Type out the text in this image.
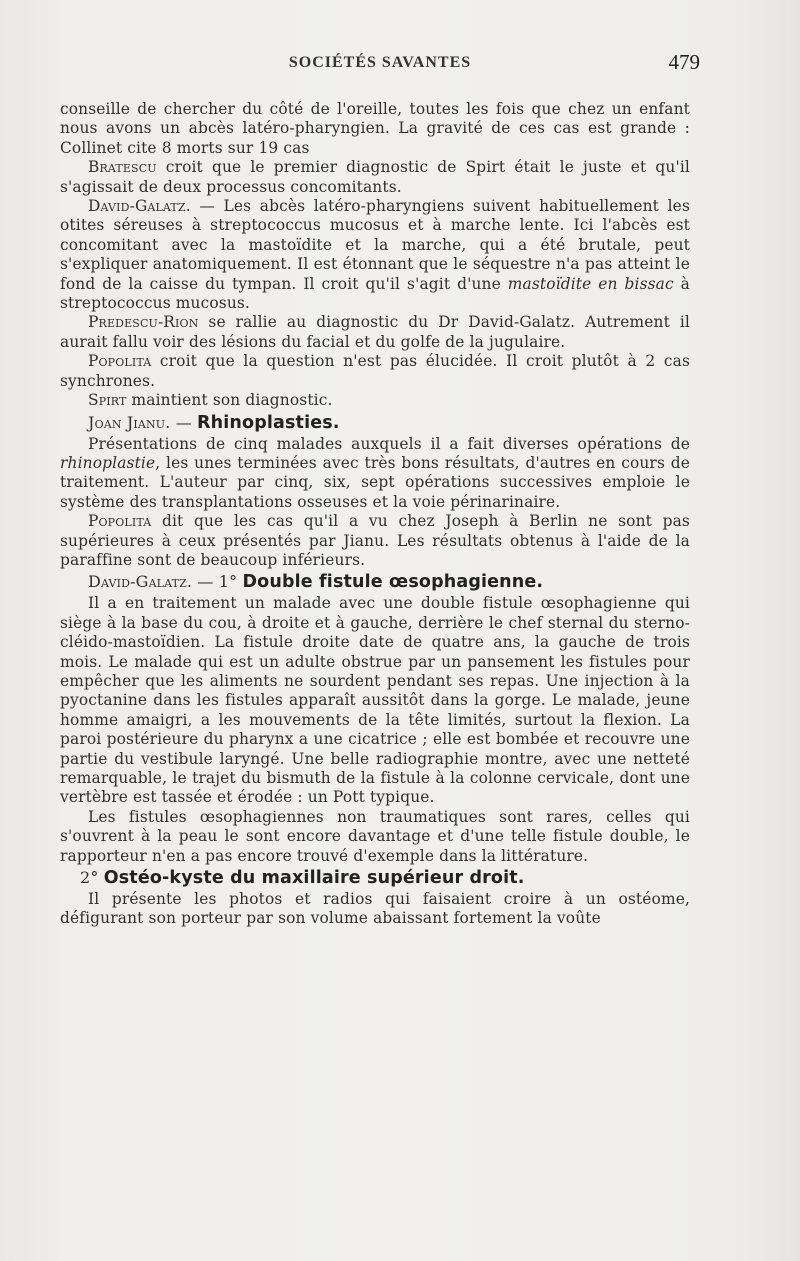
SOCIÉTÉS SAVANTES	479

conseille de chercher du côté de l'oreille, toutes les fois que chez un enfant nous avons un abcès latéro-pharyngien. La gravité de ces cas est grande : Collinet cite 8 morts sur 19 cas

Bratescu croit que le premier diagnostic de Spirt était le juste et qu'il s'agissait de deux processus concomitants.

David-Galatz. — Les abcès latéro-pharyngiens suivent habituellement les otites séreuses à streptococcus mucosus et à marche lente. Ici l'abcès est concomitant avec la mastoïdite et la marche, qui a été brutale, peut s'expliquer anatomiquement. Il est étonnant que le séquestre n'a pas atteint le fond de la caisse du tympan. Il croit qu'il s'agit d'une mastoïdite en bissac à streptococcus mucosus.

Predescu-Rion se rallie au diagnostic du Dr David-Galatz. Autrement il aurait fallu voir des lésions du facial et du golfe de la jugulaire.

Popolita croit que la question n'est pas élucidée. Il croit plutôt à 2 cas synchrones.

Spirt maintient son diagnostic.

Joan Jianu. — Rhinoplasties.

Présentations de cinq malades auxquels il a fait diverses opérations de rhinoplastie, les unes terminées avec très bons résultats, d'autres en cours de traitement. L'auteur par cinq, six, sept opérations successives emploie le système des transplantations osseuses et la voie périnarinaire.

Popolita dit que les cas qu'il a vu chez Joseph à Berlin ne sont pas supérieures à ceux présentés par Jianu. Les résultats obtenus à l'aide de la paraffine sont de beaucoup inférieurs.

David-Galatz. — 1° Double fistule œsophagienne.

Il a en traitement un malade avec une double fistule œsophagienne qui siège à la base du cou, à droite et à gauche, derrière le chef sternal du sterno-cléido-mastoïdien. La fistule droite date de quatre ans, la gauche de trois mois. Le malade qui est un adulte obstrue par un pansement les fistules pour empêcher que les aliments ne sourdent pendant ses repas. Une injection à la pyoctanine dans les fistules apparaît aussitôt dans la gorge. Le malade, jeune homme amaigri, a les mouvements de la tête limités, surtout la flexion. La paroi postérieure du pharynx a une cicatrice ; elle est bombée et recouvre une partie du vestibule laryngé. Une belle radiographie montre, avec une netteté remarquable, le trajet du bismuth de la fistule à la colonne cervicale, dont une vertèbre est tassée et érodée : un Pott typique.

Les fistules œsophagiennes non traumatiques sont rares, celles qui s'ouvrent à la peau le sont encore davantage et d'une telle fistule double, le rapporteur n'en a pas encore trouvé d'exemple dans la littérature.

2° Ostéo-kyste du maxillaire supérieur droit.

Il présente les photos et radios qui faisaient croire à un ostéome, défigurant son porteur par son volume abaissant fortement la voûte
